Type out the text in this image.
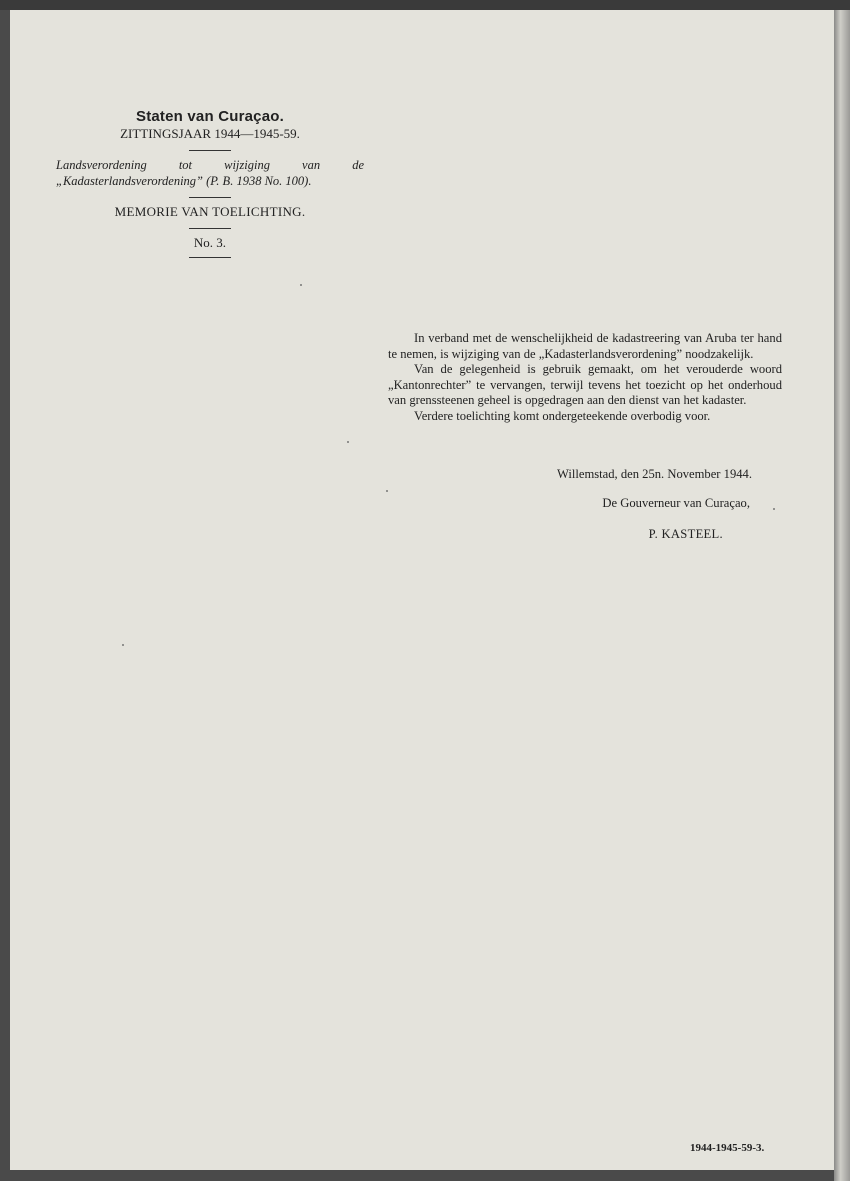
Staten van Curaçao.

ZITTINGSJAAR 1944—1945-59.

Landsverordening tot wijziging van de „Kadasterlandsverordening” (P. B. 1938 No. 100).

MEMORIE VAN TOELICHTING.

No. 3.

In verband met de wenschelijkheid de kadastreering van Aruba ter hand te nemen, is wijziging van de „Kadasterlandsverordening” noodzakelijk.

Van de gelegenheid is gebruik gemaakt, om het verouderde woord „Kantonrechter” te vervangen, terwijl tevens het toezicht op het onderhoud van grenssteenen geheel is opgedragen aan den dienst van het kadaster.

Verdere toelichting komt ondergeteekende overbodig voor.

Willemstad, den 25n. November 1944.
De Gouverneur van Curaçao,
P. KASTEEL.
1944-1945-59-3.
